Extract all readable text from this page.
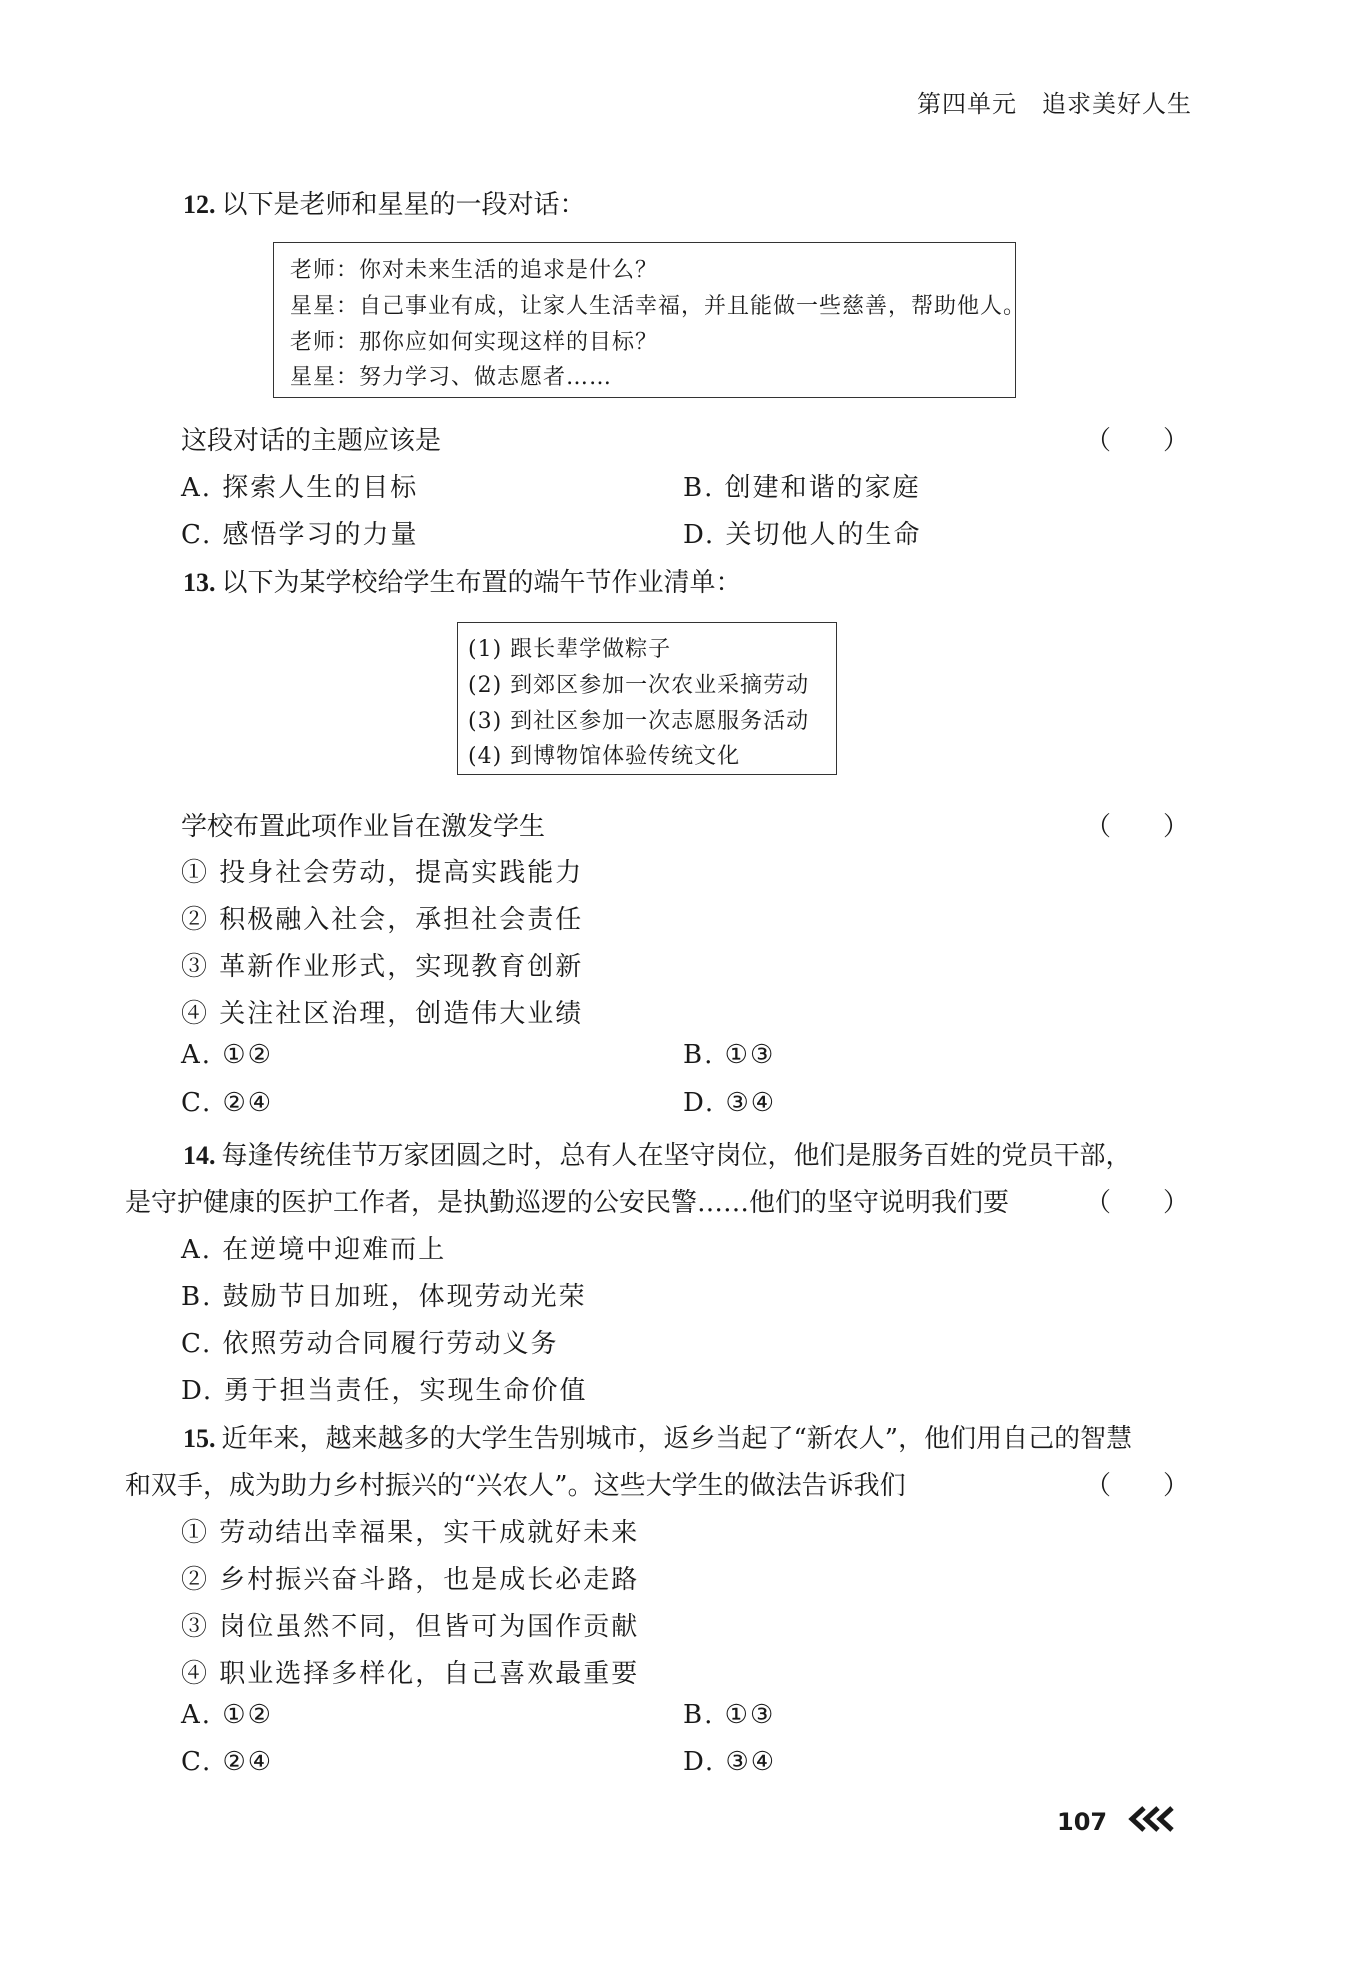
第四单元　追求美好人生
12. 以下是老师和星星的一段对话：
老师：你对未来生活的追求是什么？
星星：自己事业有成，让家人生活幸福，并且能做一些慈善，帮助他人。
老师：那你应如何实现这样的目标？
星星：努力学习、做志愿者……
这段对话的主题应该是	（　　）
A. 探索人生的目标	B. 创建和谐的家庭
C. 感悟学习的力量	D. 关切他人的生命
13. 以下为某学校给学生布置的端午节作业清单：
(1) 跟长辈学做粽子
(2) 到郊区参加一次农业采摘劳动
(3) 到社区参加一次志愿服务活动
(4) 到博物馆体验传统文化
学校布置此项作业旨在激发学生	（　　）
① 投身社会劳动，提高实践能力
② 积极融入社会，承担社会责任
③ 革新作业形式，实现教育创新
④ 关注社区治理，创造伟大业绩
A. ①②	B. ①③
C. ②④	D. ③④
14. 每逢传统佳节万家团圆之时，总有人在坚守岗位，他们是服务百姓的党员干部，
是守护健康的医护工作者，是执勤巡逻的公安民警……他们的坚守说明我们要	（　　）
A. 在逆境中迎难而上
B. 鼓励节日加班，体现劳动光荣
C. 依照劳动合同履行劳动义务
D. 勇于担当责任，实现生命价值
15. 近年来，越来越多的大学生告别城市，返乡当起了“新农人”，他们用自己的智慧
和双手，成为助力乡村振兴的“兴农人”。这些大学生的做法告诉我们	（　　）
① 劳动结出幸福果，实干成就好未来
② 乡村振兴奋斗路，也是成长必走路
③ 岗位虽然不同，但皆可为国作贡献
④ 职业选择多样化，自己喜欢最重要
A. ①②	B. ①③
C. ②④	D. ③④
107
